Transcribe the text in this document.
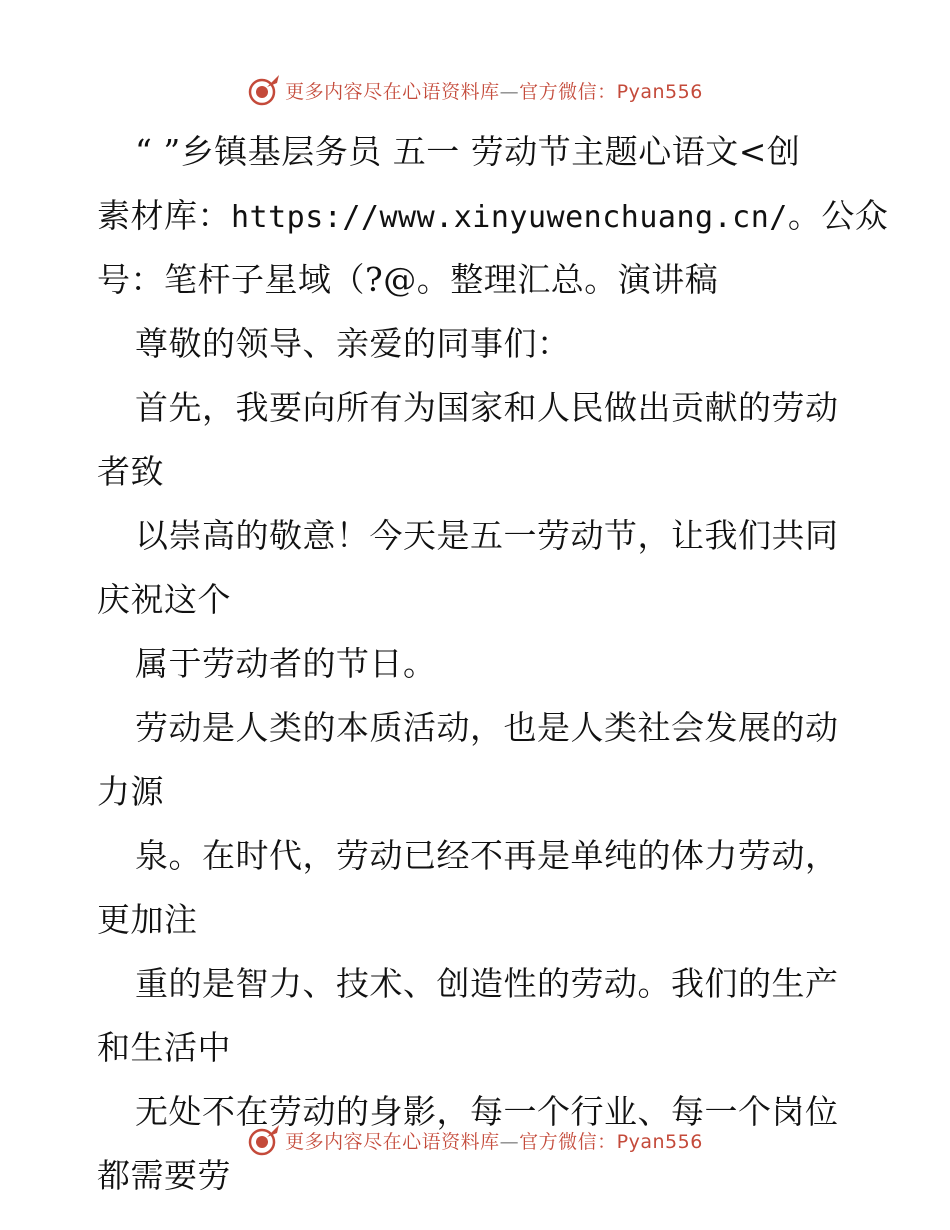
更多内容尽在心语资料库—官方微信：Pyan556
“ ”乡镇基层务员 五一 劳动节主题心语文<创
素材库：https://www.xinyuwenchuang.cn/。公众
号：笔杆子星域（?@。整理汇总。演讲稿
尊敬的领导、亲爱的同事们：
首先，我要向所有为国家和人民做出贡献的劳动
者致
以崇高的敬意！今天是五一劳动节，让我们共同
庆祝这个
属于劳动者的节日。
劳动是人类的本质活动，也是人类社会发展的动
力源
泉。在时代，劳动已经不再是单纯的体力劳动，
更加注
重的是智力、技术、创造性的劳动。我们的生产
和生活中
无处不在劳动的身影，每一个行业、每一个岗位
都需要劳
更多内容尽在心语资料库—官方微信：Pyan556
